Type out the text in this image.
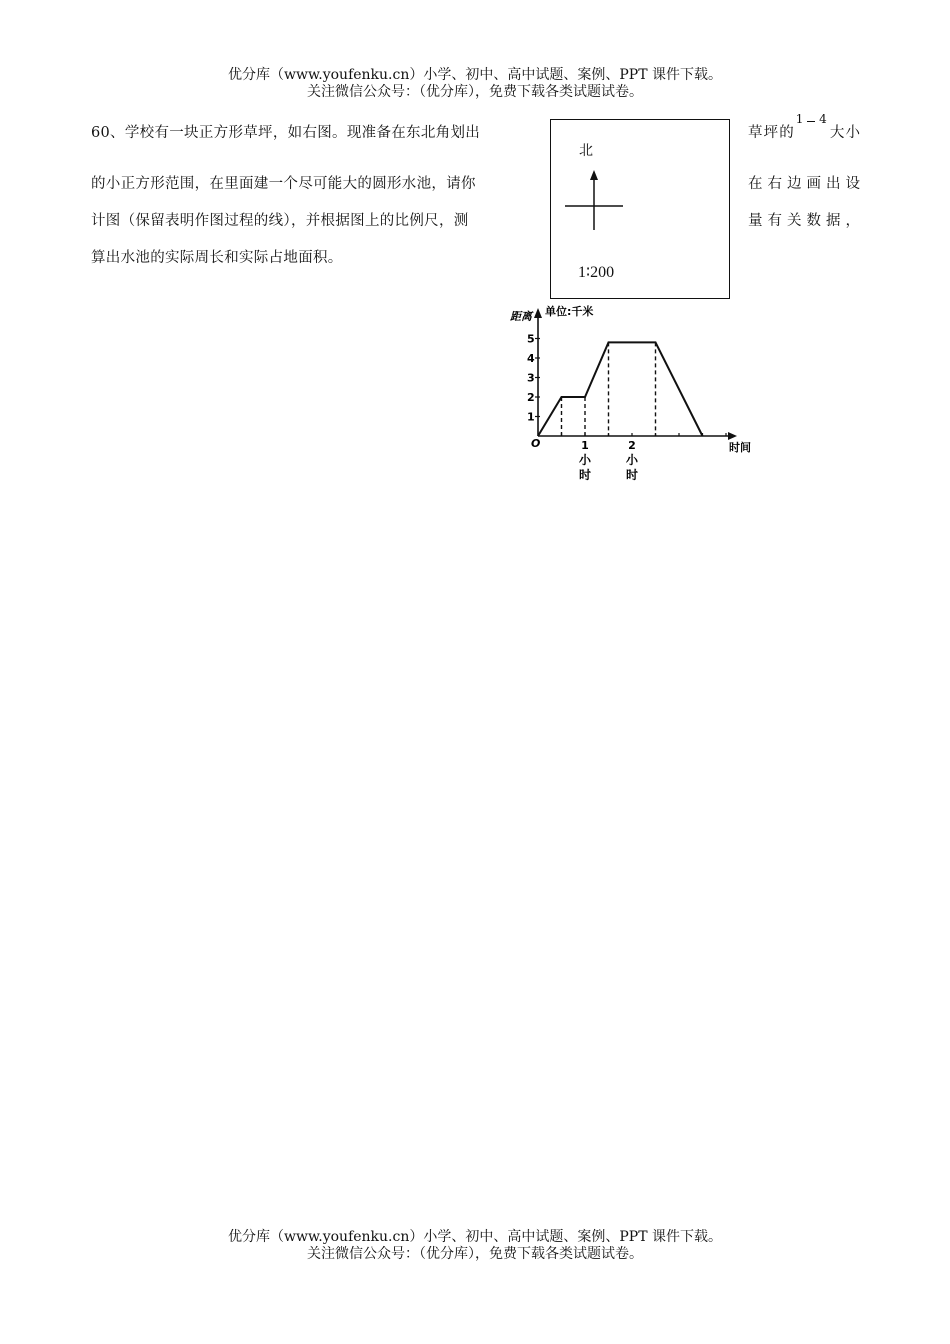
优分库（www.youfenku.cn）小学、初中、高中试题、案例、PPT 课件下载。
关注微信公众号：（优分库），免费下载各类试题试卷。
60、学校有一块正方形草坪，如右图。现准备在东北角划出	草 坪 的
1 4
大 小
的小正方形范围，在里面建一个尽可能大的圆形水池，请你	在 右 边 画 出 设
计图（保留表明作图过程的线），并根据图上的比例尺，测	量 有 关 数 据 ，
算出水池的实际周长和实际占地面积。
北
1∶200
1
2
3
4
5
单位:千米
距离
时间
O	1
小
时
2
小
时
优分库（www.youfenku.cn）小学、初中、高中试题、案例、PPT 课件下载。
关注微信公众号：（优分库），免费下载各类试题试卷。
